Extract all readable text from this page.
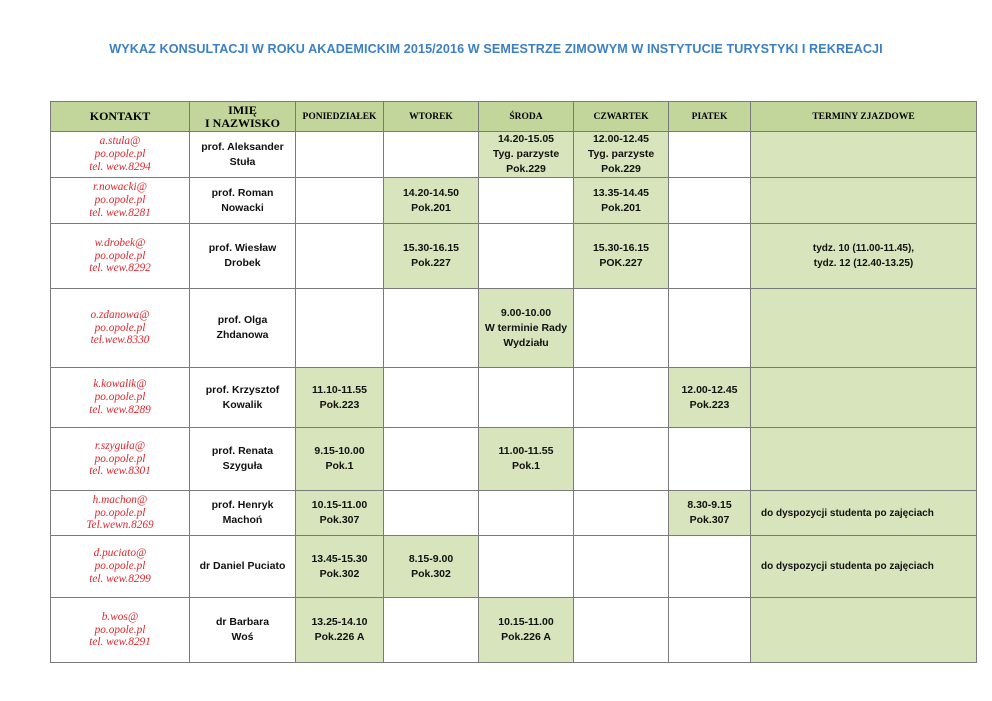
WYKAZ KONSULTACJI W ROKU AKADEMICKIM 2015/2016 W SEMESTRZE ZIMOWYM W INSTYTUCIE TURYSTYKI I REKREACJI
KONTAKT	IMIĘ
I NAZWISKO	PONIEDZIAŁEK	WTOREK	ŚRODA	CZWARTEK	PIATEK	TERMINY ZJAZDOWE

a.stula@
po.opole.pl
tel. wew.8294	prof. Aleksander
Stuła			14.20-15.05
Tyg. parzyste
Pok.229	12.00-12.45
Tyg. parzyste
Pok.229		

r.nowacki@
po.opole.pl
tel. wew.8281	prof. Roman
Nowacki		14.20-14.50
Pok.201		13.35-14.45
Pok.201		

w.drobek@
po.opole.pl
tel. wew.8292	prof. Wiesław
Drobek		15.30-16.15
Pok.227		15.30-16.15
POK.227		tydz. 10 (11.00-11.45),
tydz. 12 (12.40-13.25)

o.zdanowa@
po.opole.pl
tel.wew.8330	prof. Olga
Zhdanowa			9.00-10.00
W terminie Rady
Wydziału			

k.kowalik@
po.opole.pl
tel. wew.8289	prof. Krzysztof
Kowalik	11.10-11.55
Pok.223				12.00-12.45
Pok.223	

r.szyguła@
po.opole.pl
tel. wew.8301	prof. Renata
Szyguła	9.15-10.00
Pok.1		11.00-11.55
Pok.1			

h.machon@
po.opole.pl
Tel.wewn.8269	prof. Henryk
Machoń	10.15-11.00
Pok.307				8.30-9.15
Pok.307	do dyspozycji studenta po zajęciach

d.puciato@
po.opole.pl
tel. wew.8299	dr Daniel Puciato	13.45-15.30
Pok.302	8.15-9.00
Pok.302				do dyspozycji studenta po zajęciach

b.wos@
po.opole.pl
tel. wew.8291	dr Barbara
Woś	13.25-14.10
Pok.226 A		10.15-11.00
Pok.226 A			
